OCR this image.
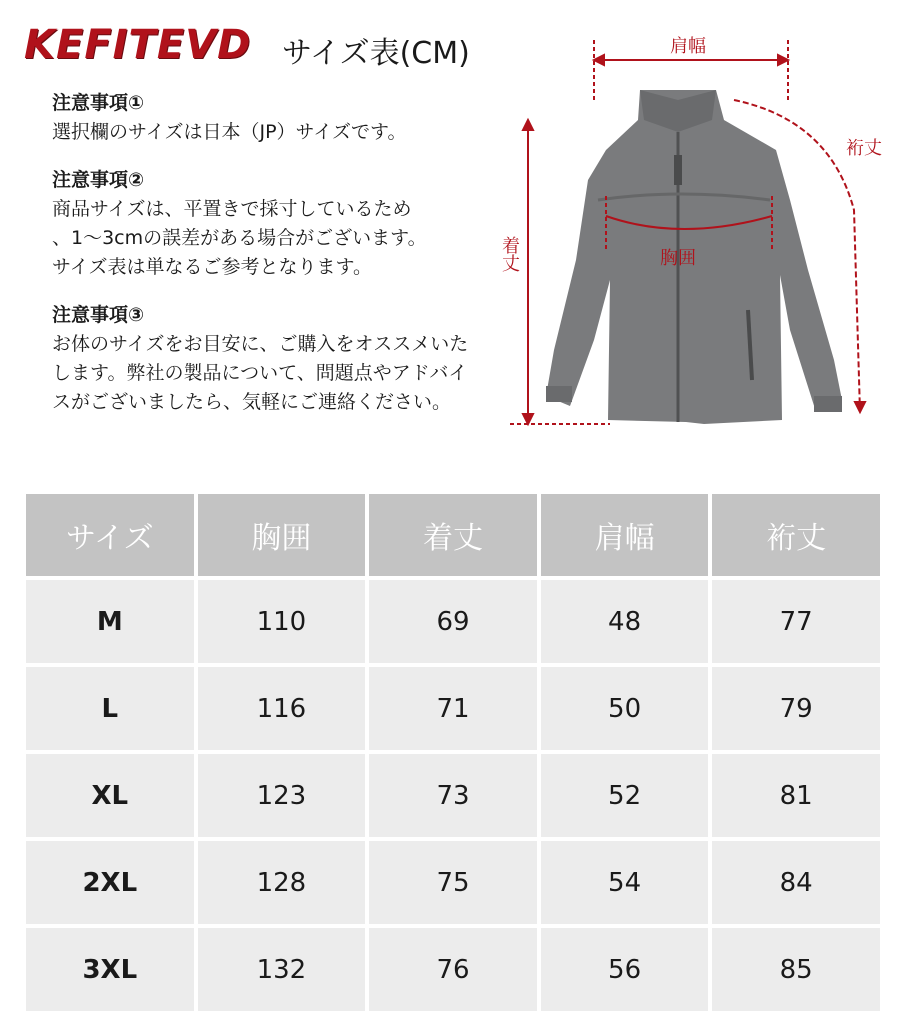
KEFITEVD サイズ表(CM)
注意事項①
選択欄のサイズは日本（JP）サイズです。
注意事項②
商品サイズは、平置きで採寸しているため
、1～3cmの誤差がある場合がございます。
サイズ表は単なるご参考となります。
注意事項③
お体のサイズをお目安に、ご購入をオススメいたします。弊社の製品について、問題点やアドバイスがございましたら、気軽にご連絡ください。
肩幅
裄丈
着丈	胸囲
サイズ	胸囲	着丈	肩幅	裄丈
M	110	69	48	77
L	116	71	50	79
XL	123	73	52	81
2XL	128	75	54	84
3XL	132	76	56	85
